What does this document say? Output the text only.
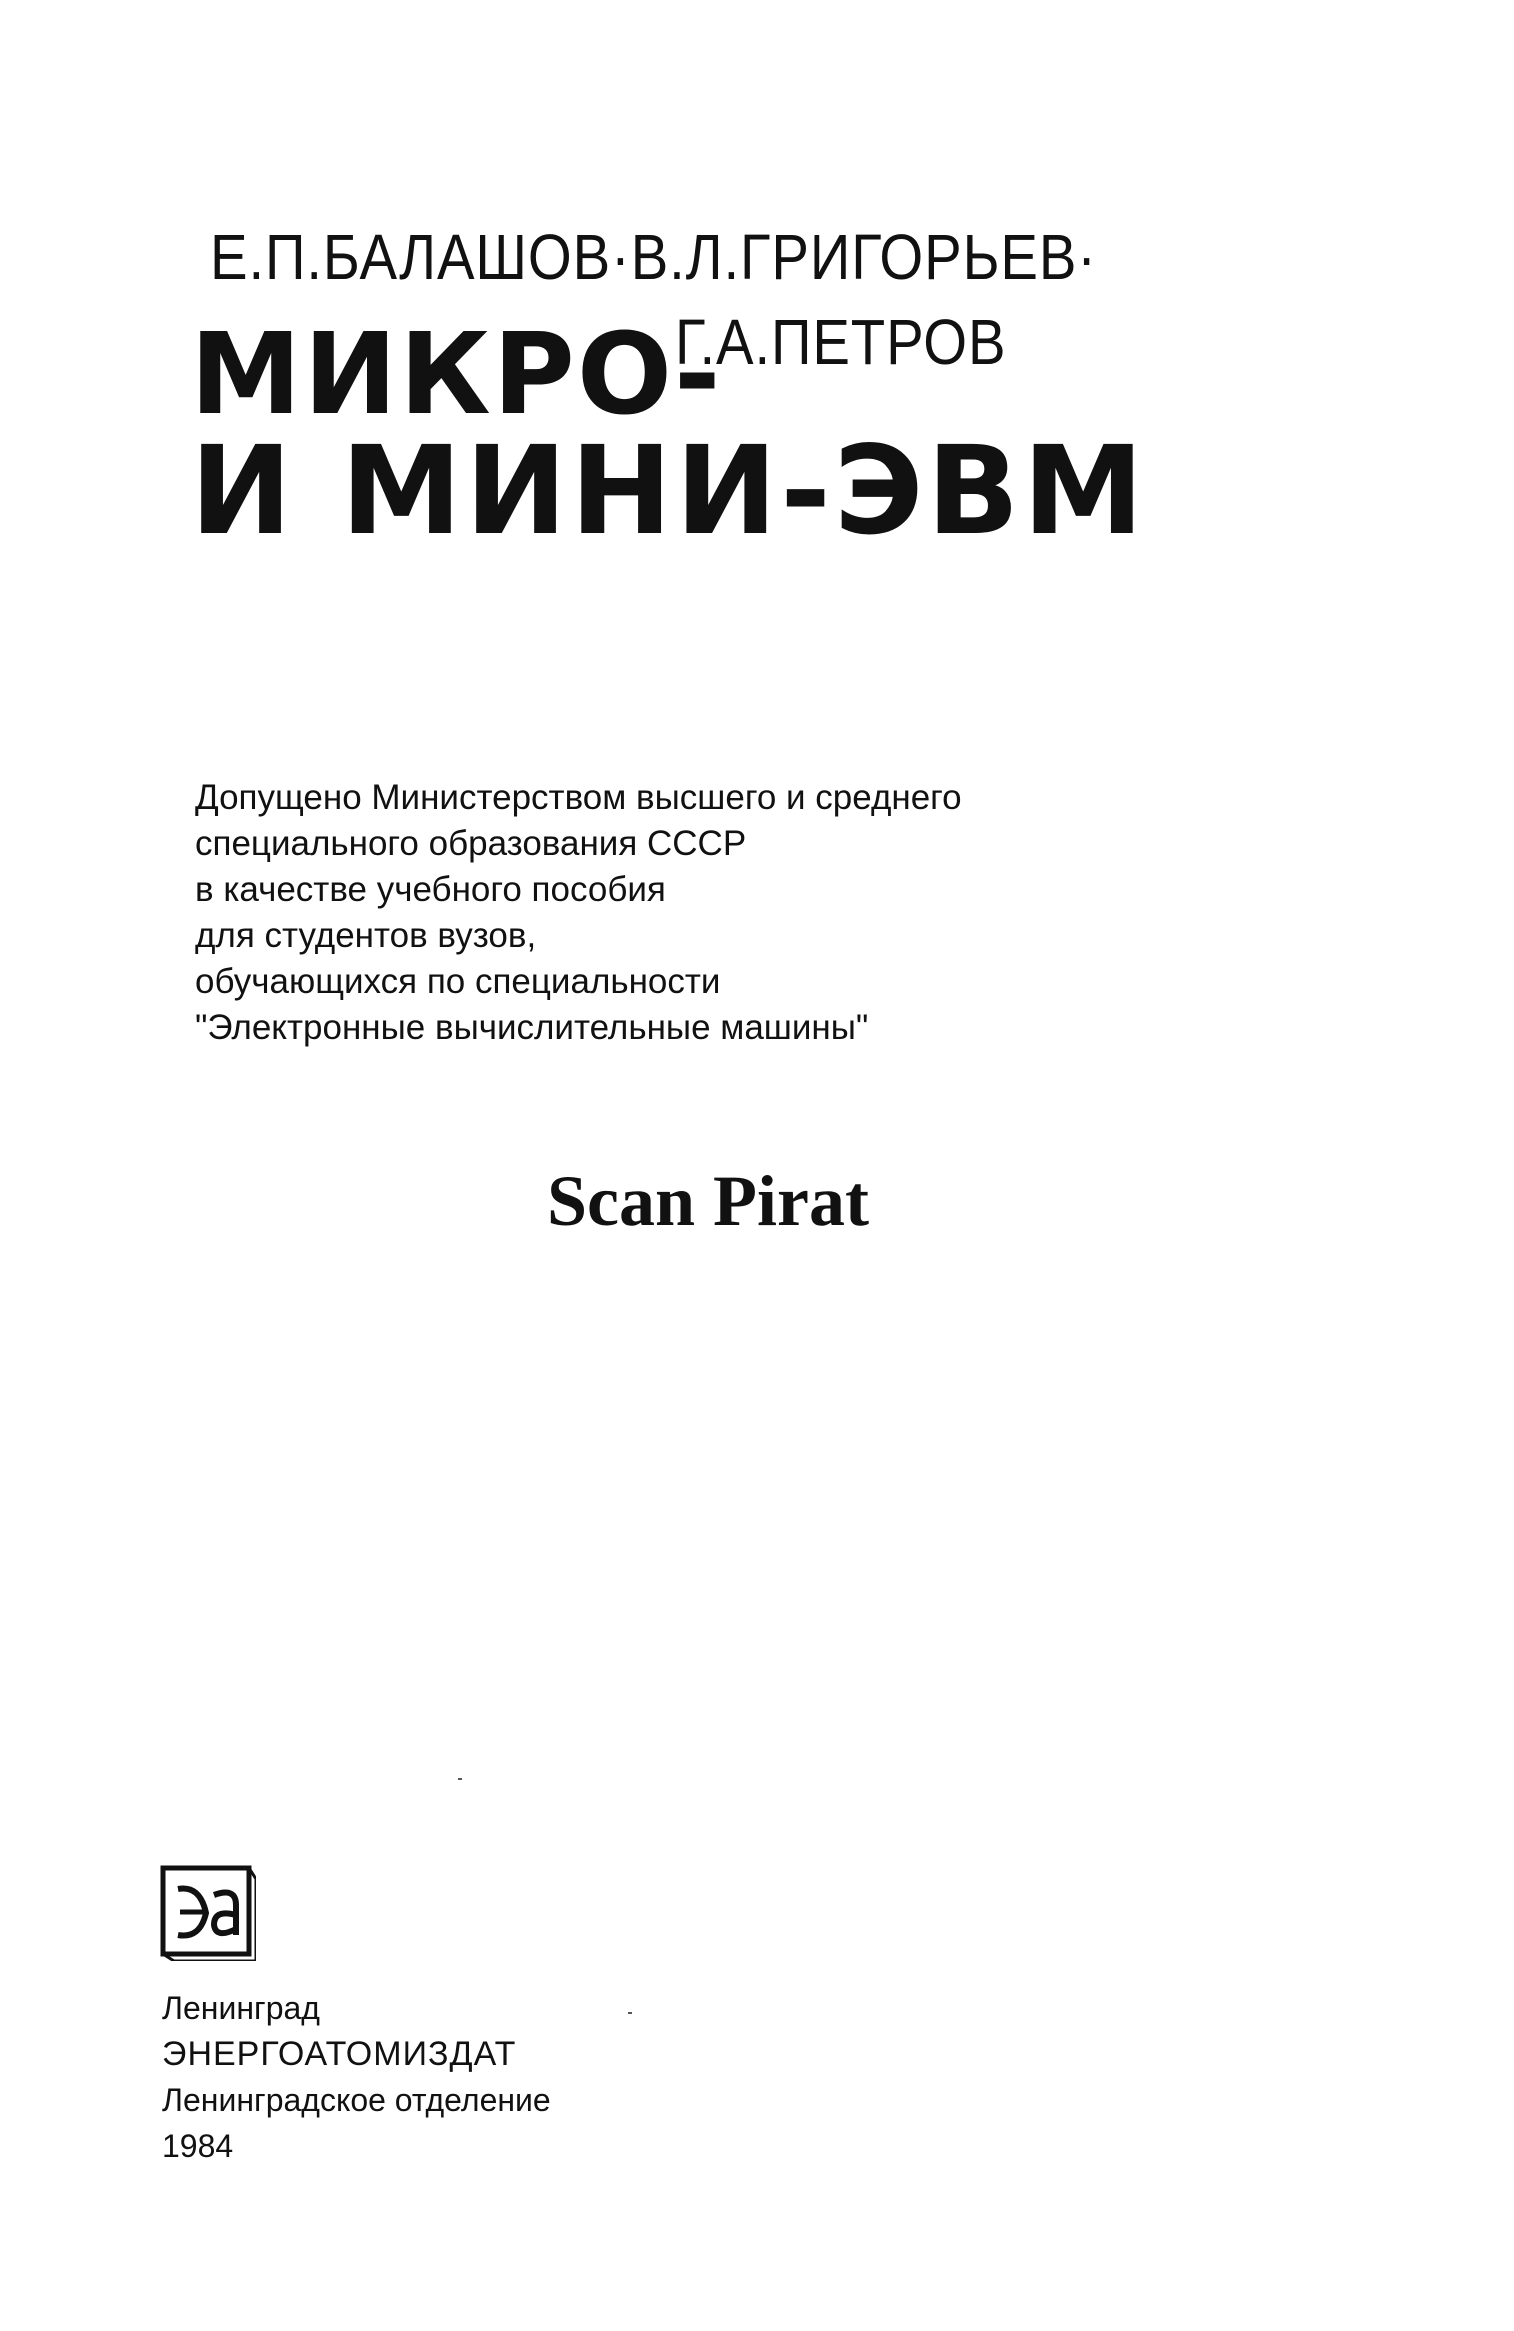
Е.П.БАЛАШОВ·В.Л.ГРИГОРЬЕВ·
МИКРО-
Г.А.ПЕТРОВ
И МИНИ-ЭВМ
Допущено Министерством высшего и среднего
специального образования СССР
в качестве учебного пособия
для студентов вузов,
обучающихся по специальности
"Электронные вычислительные машины"
Scan Pirat
Ленинград
ЭНЕРГОАТОМИЗДАТ
Ленинградское отделение
1984
